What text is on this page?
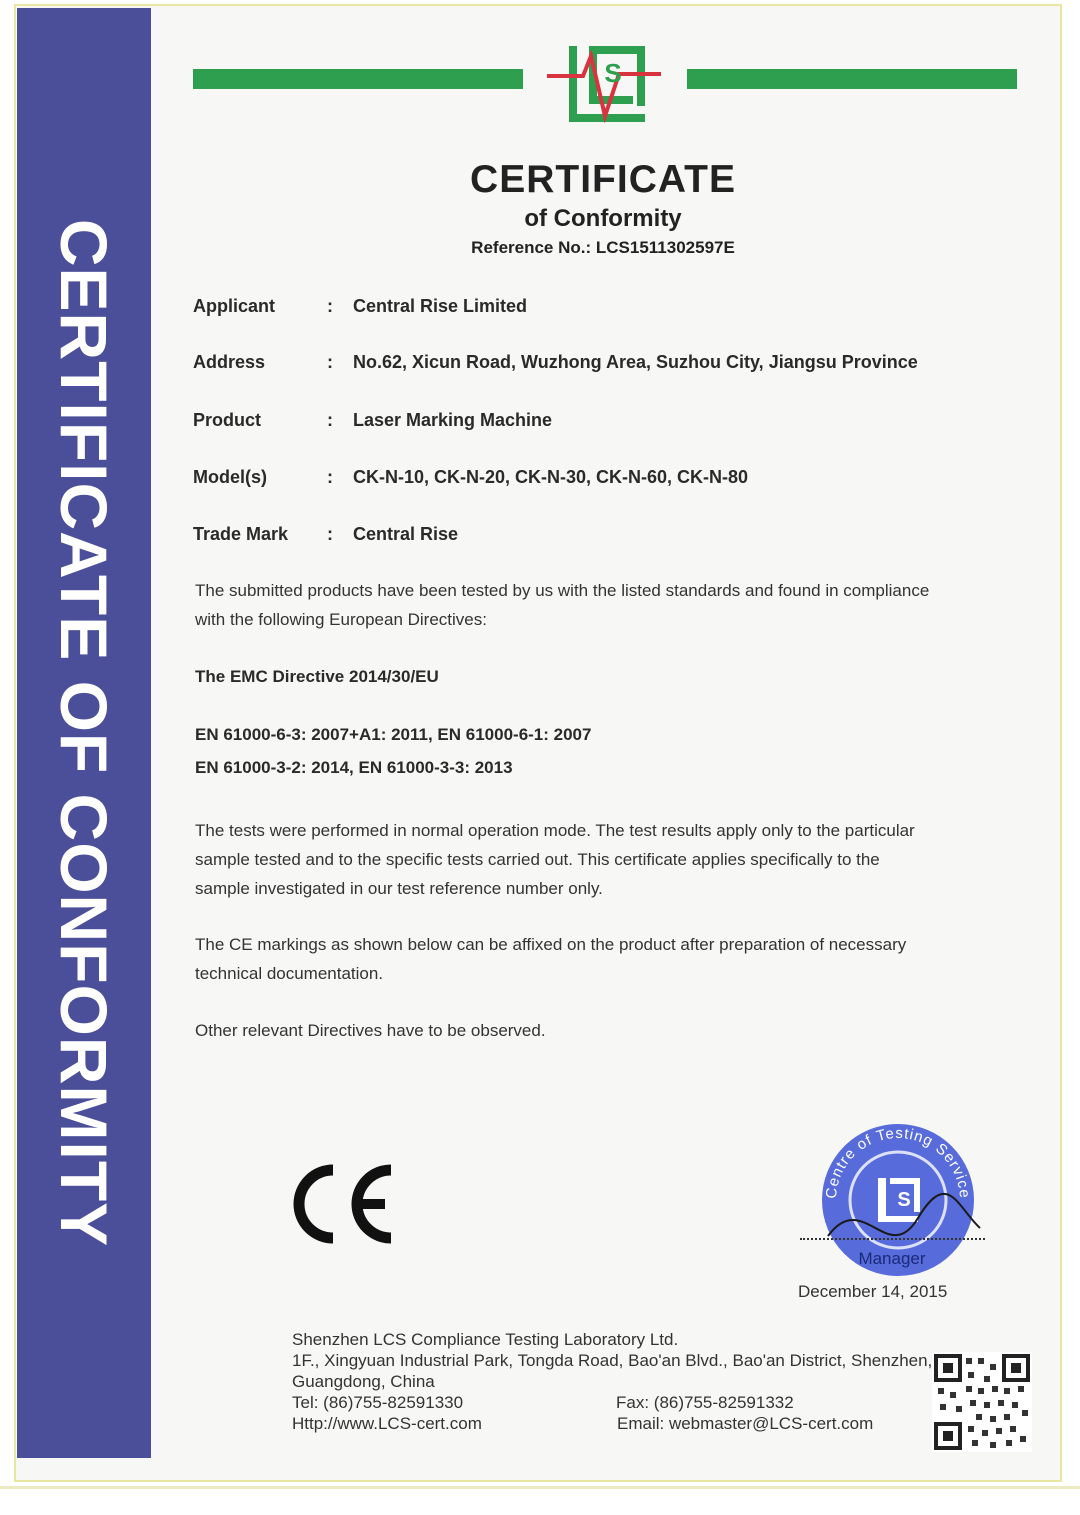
CERTIFICATE OF CONFORMITY
S
CERTIFICATE
of Conformity
Reference No.: LCS1511302597E
Applicant	: Central Rise Limited
Address	: No.62, Xicun Road, Wuzhong Area, Suzhou City, Jiangsu Province
Product	: Laser Marking Machine
Model(s)	: CK-N-10, CK-N-20, CK-N-30, CK-N-60, CK-N-80
Trade Mark : Central Rise
The submitted products have been tested by us with the listed standards and found in compliance
with the following European Directives:
The EMC Directive 2014/30/EU
EN 61000-6-3: 2007+A1: 2011, EN 61000-6-1: 2007
EN 61000-3-2: 2014, EN 61000-3-3: 2013
The tests were performed in normal operation mode. The test results apply only to the particular
sample tested and to the specific tests carried out. This certificate applies specifically to the
sample investigated in our test reference number only.
The CE markings as shown below can be affixed on the product after preparation of necessary
technical documentation.
Other relevant Directives have to be observed.
Centre of Testing Service
S
Manager
December 14, 2015
Shenzhen LCS Compliance Testing Laboratory Ltd.
1F., Xingyuan Industrial Park, Tongda Road, Bao'an Blvd., Bao'an District, Shenzhen,
Guangdong, China
Tel: (86)755-82591330	Fax: (86)755-82591332
Http://www.LCS-cert.com	Email: webmaster@LCS-cert.com
